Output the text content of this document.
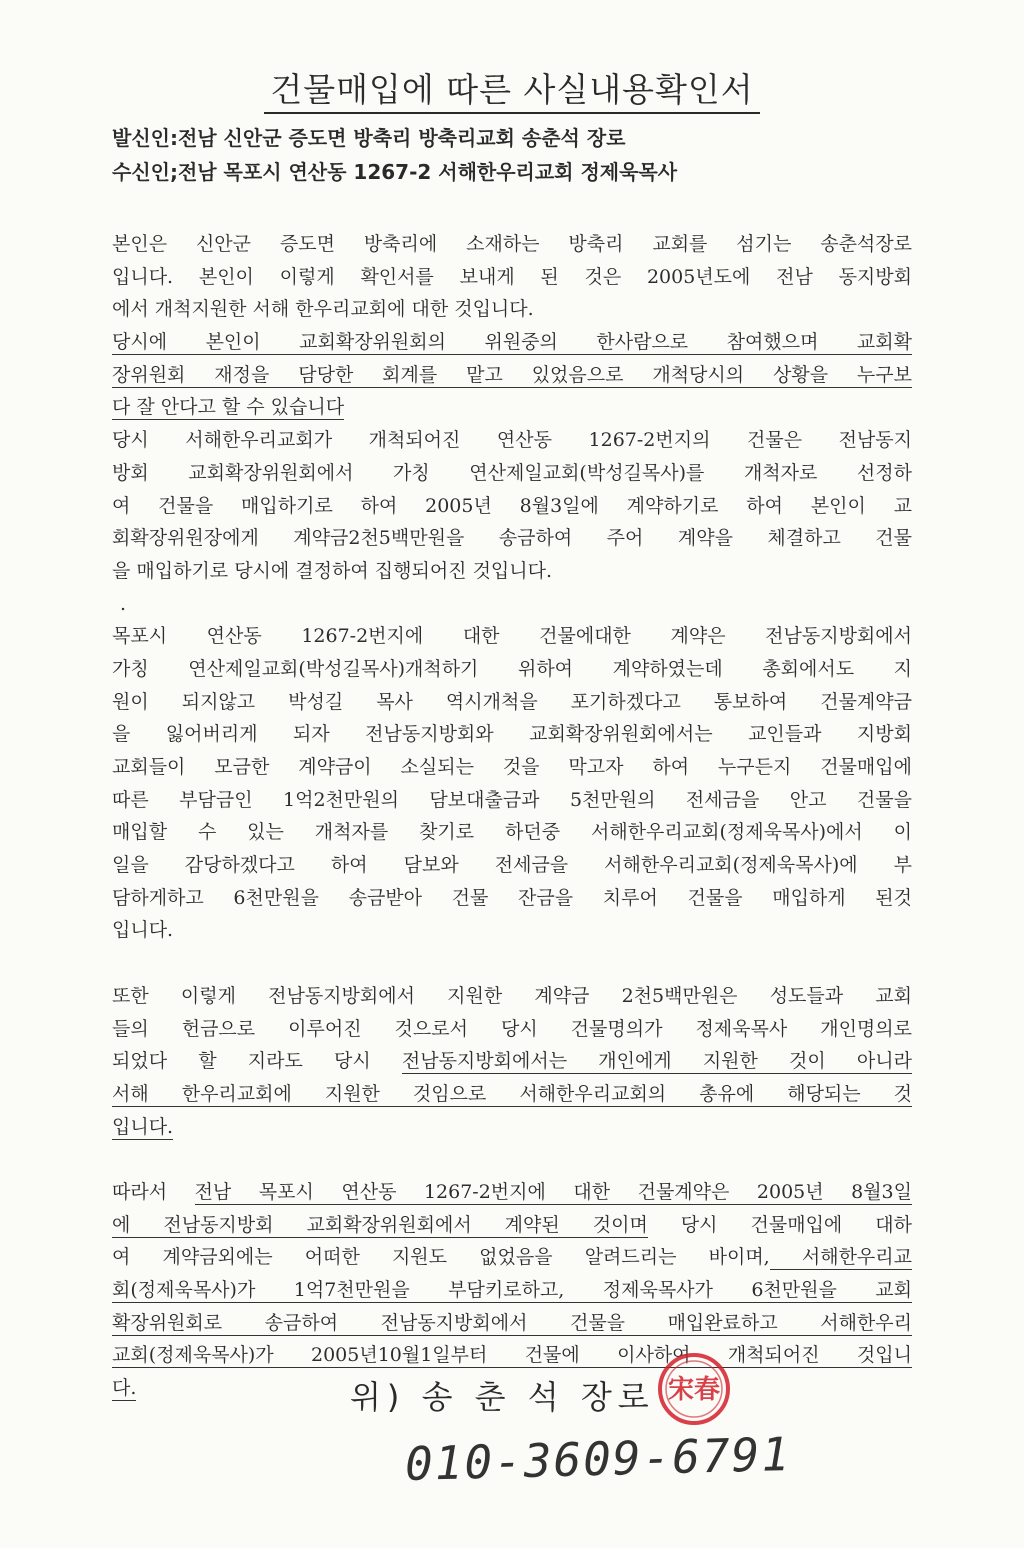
건물매입에 따른 사실내용확인서
발신인:전남 신안군 증도면 방축리 방축리교회 송춘석 장로
수신인;전남 목포시 연산동 1267-2 서해한우리교회 정제욱목사
본인은 신안군 증도면 방축리에 소재하는 방축리 교회를 섬기는 송춘석장로
입니다. 본인이 이렇게 확인서를 보내게 된 것은 2005년도에 전남 동지방회
에서 개척지원한 서해 한우리교회에 대한 것입니다.
당시에 본인이 교회확장위원회의 위원중의 한사람으로 참여했으며 교회확
장위원회 재정을 담당한 회계를 맡고 있었음으로 개척당시의 상황을 누구보
다 잘 안다고 할 수 있습니다
당시 서해한우리교회가 개척되어진 연산동 1267-2번지의 건물은 전남동지
방회 교회확장위원회에서 가칭 연산제일교회(박성길목사)를 개척자로 선정하
여 건물을 매입하기로 하여 2005년 8월3일에 계약하기로 하여 본인이 교
회확장위원장에게 계약금2천5백만원을 송금하여 주어 계약을 체결하고 건물
을 매입하기로 당시에 결정하여 집행되어진 것입니다.
.
목포시 연산동 1267-2번지에 대한 건물에대한 계약은 전남동지방회에서
가칭 연산제일교회(박성길목사)개척하기 위하여 계약하였는데 총회에서도 지
원이 되지않고 박성길 목사 역시개척을 포기하겠다고 통보하여 건물계약금
을 잃어버리게 되자 전남동지방회와 교회확장위원회에서는 교인들과 지방회
교회들이 모금한 계약금이 소실되는 것을 막고자 하여 누구든지 건물매입에
따른 부담금인 1억2천만원의 담보대출금과 5천만원의 전세금을 안고 건물을
매입할 수 있는 개척자를 찾기로 하던중 서해한우리교회(정제욱목사)에서 이
일을 감당하겠다고 하여 담보와 전세금을 서해한우리교회(정제욱목사)에 부
담하게하고 6천만원을 송금받아 건물 잔금을 치루어 건물을 매입하게 된것
입니다.
또한 이렇게 전남동지방회에서 지원한 계약금 2천5백만원은 성도들과 교회
들의 헌금으로 이루어진 것으로서 당시 건물명의가 정제욱목사 개인명의로
되었다 할 지라도 당시 전남동지방회에서는 개인에게 지원한 것이 아니라
서해 한우리교회에 지원한 것임으로 서해한우리교회의 총유에 해당되는 것
입니다.
따라서 전남 목포시 연산동 1267-2번지에 대한 건물계약은 2005년 8월3일
에 전남동지방회 교회확장위원회에서 계약된 것이며 당시 건물매입에 대하
여 계약금외에는 어떠한 지원도 없었음을 알려드리는 바이며, 서해한우리교
회(정제욱목사)가 1억7천만원을 부담키로하고, 정제욱목사가 6천만원을 교회
확장위원회로 송금하여 전남동지방회에서 건물을 매입완료하고 서해한우리
교회(정제욱목사)가 2005년10월1일부터 건물에 이사하여 개척되어진 것입니
다.	위) 송 춘 석 장로 宋春
010-3609-6791
